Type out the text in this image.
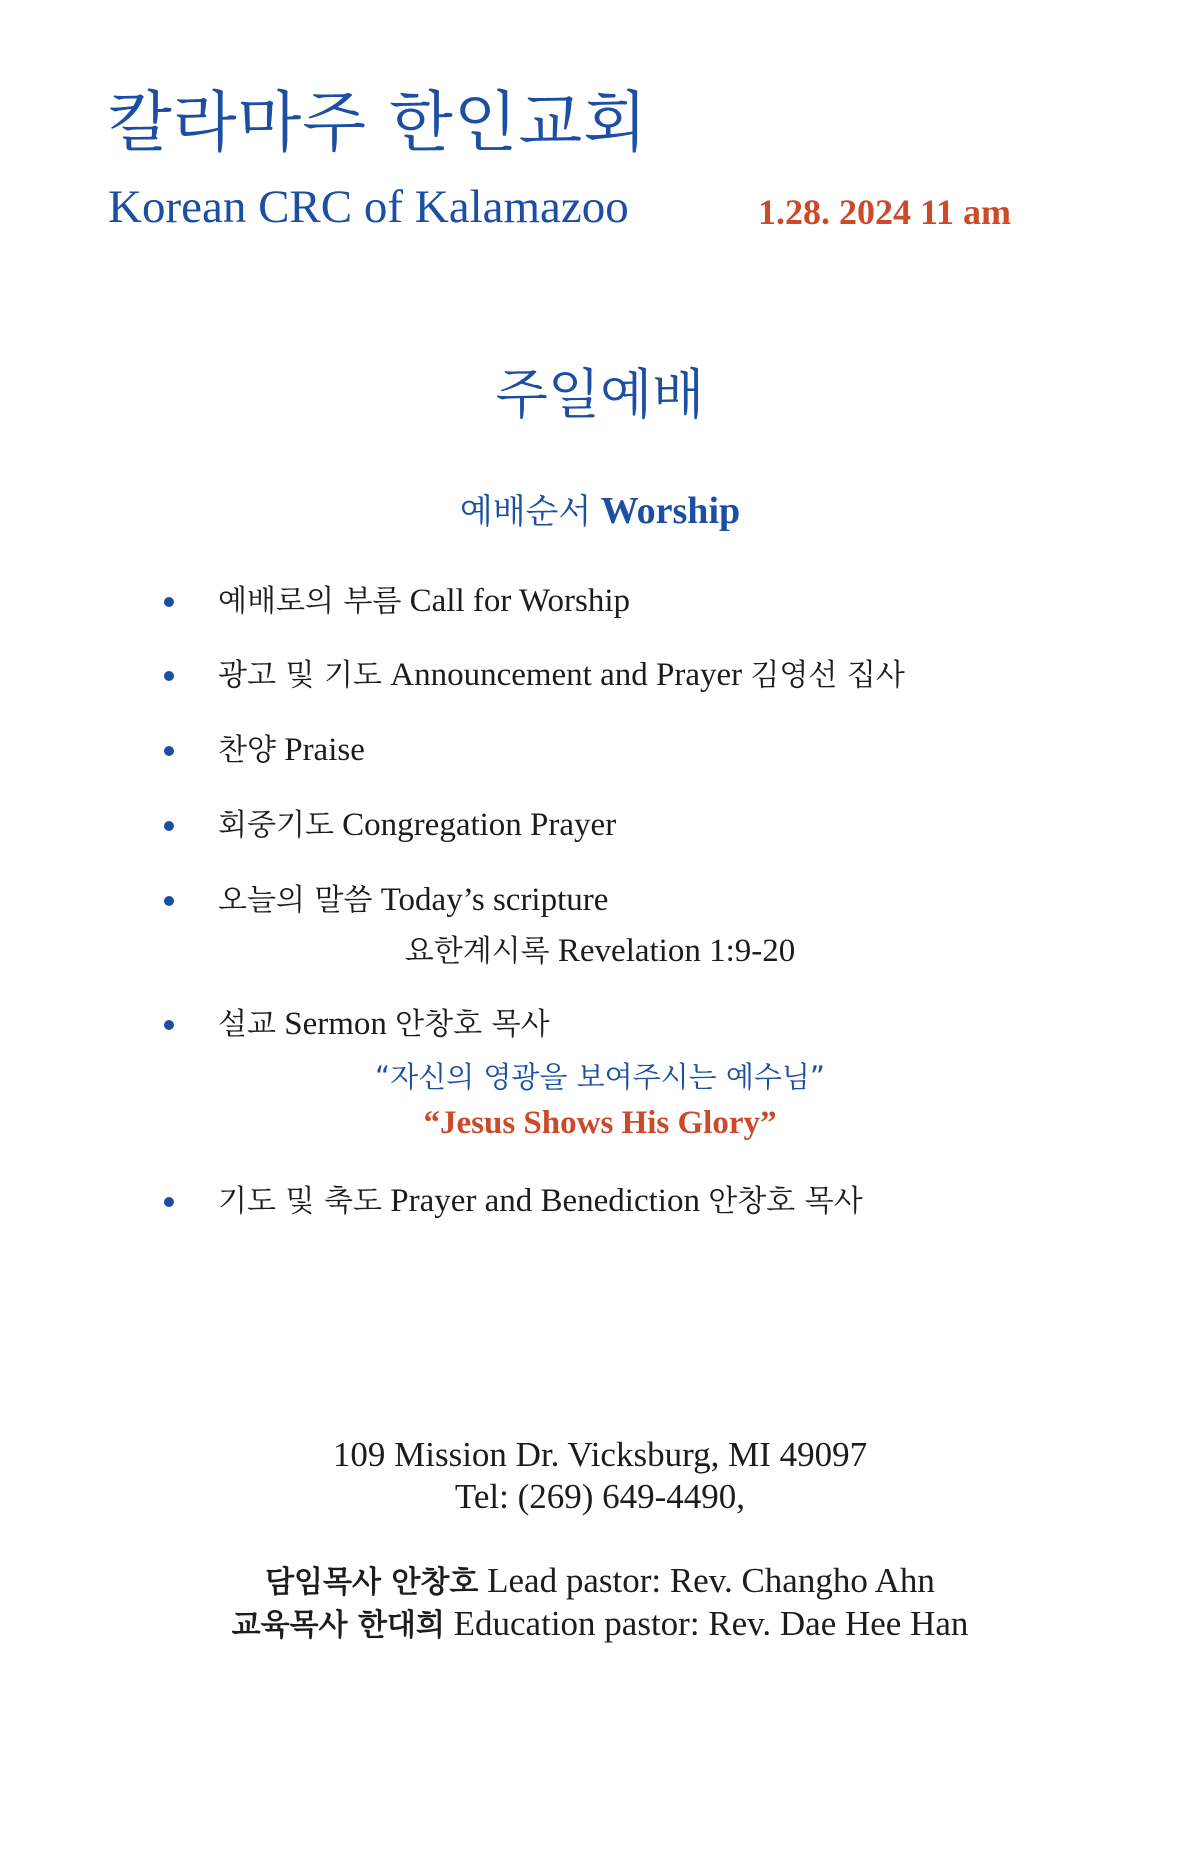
칼라마주 한인교회
Korean CRC of Kalamazoo	1.28. 2024 11 am
주일예배
예배순서 Worship
예배로의 부름 Call for Worship
광고 및 기도 Announcement and Prayer 김영선 집사
찬양 Praise
회중기도 Congregation Prayer
오늘의 말씀 Today’s scripture
설교 Sermon 안창호 목사
기도 및 축도 Prayer and Benediction 안창호 목사
요한계시록 Revelation 1:9-20
“자신의 영광을 보여주시는 예수님”
“Jesus Shows His Glory”
109 Mission Dr. Vicksburg, MI 49097
Tel: (269) 649-4490,
담임목사 안창호 Lead pastor: Rev. Changho Ahn
교육목사 한대희 Education pastor: Rev. Dae Hee Han
